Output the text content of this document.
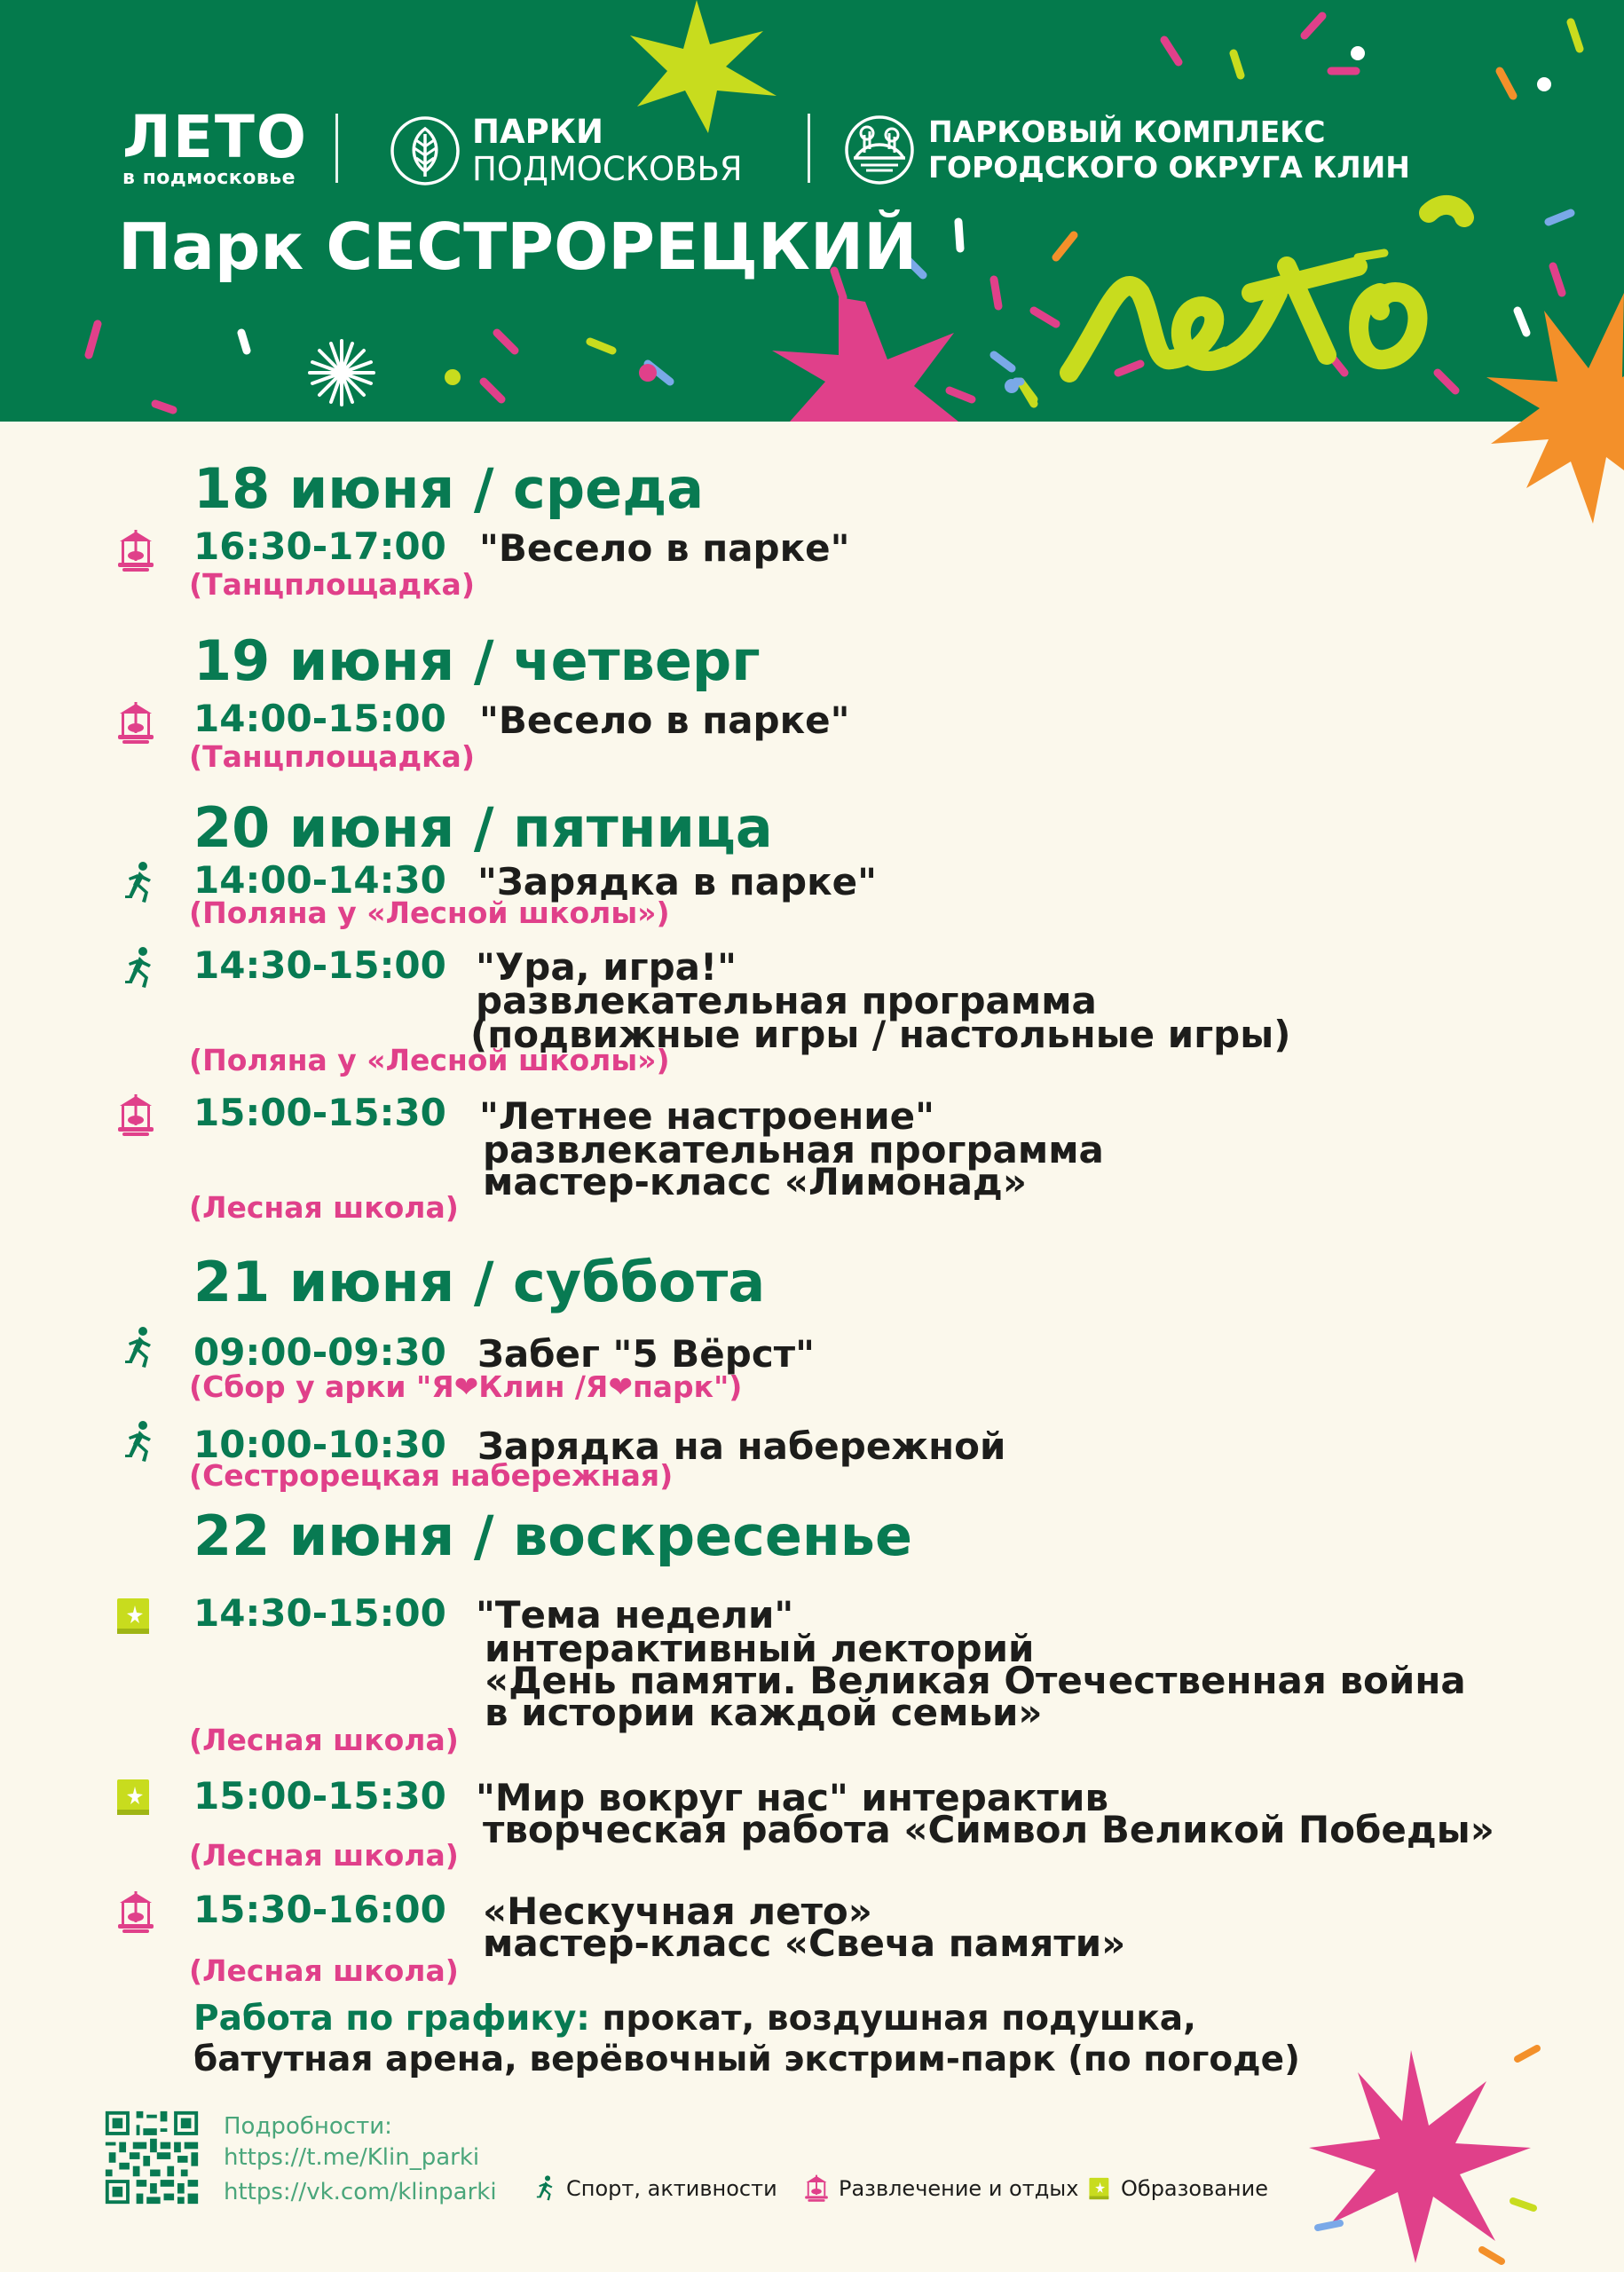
ЛЕТО
в подмосковье
ПАРКИ
ПОДМОСКОВЬЯ
ПАРКОВЫЙ КОМПЛЕКС
ГОРОДСКОГО ОКРУГА КЛИН
Парк СЕСТРОРЕЦКИЙ
18 июня / среда
16:30-17:00 "Весело в парке"
(Танцплощадка)
19 июня / четверг
14:00-15:00 "Весело в парке"
(Танцплощадка)
20 июня / пятница
14:00-14:30 "Зарядка в парке"
(Поляна у «Лесной школы»)
14:30-15:00 "Ура, игра!"
развлекательная программа
(подвижные игры / настольные игры)
(Поляна у «Лесной школы»)
15:00-15:30 "Летнее настроение"
развлекательная программа
мастер-класс «Лимонад»
(Лесная школа)
21 июня / суббота
09:00-09:30 Забег "5 Вёрст"
(Сбор у арки "Я❤Клин /Я❤парк")
10:00-10:30 Зарядка на набережной
(Сестрорецкая набережная)
22 июня / воскресенье
14:30-15:00 "Тема недели"
интерактивный лекторий
«День памяти. Великая Отечественная война
в истории каждой семьи»
(Лесная школа)
15:00-15:30 "Мир вокруг нас" интерактив
творческая работа «Символ Великой Победы»
(Лесная школа)
15:30-16:00 «Нескучная лето»
мастер-класс «Свеча памяти»
(Лесная школа)
Работа по графику: прокат, воздушная подушка,
батутная арена, верёвочный экстрим-парк (по погоде)
Подробности:
https://t.me/Klin_parki
https://vk.com/klinparki	Спорт, активности	Развлечение и отдых Образование
